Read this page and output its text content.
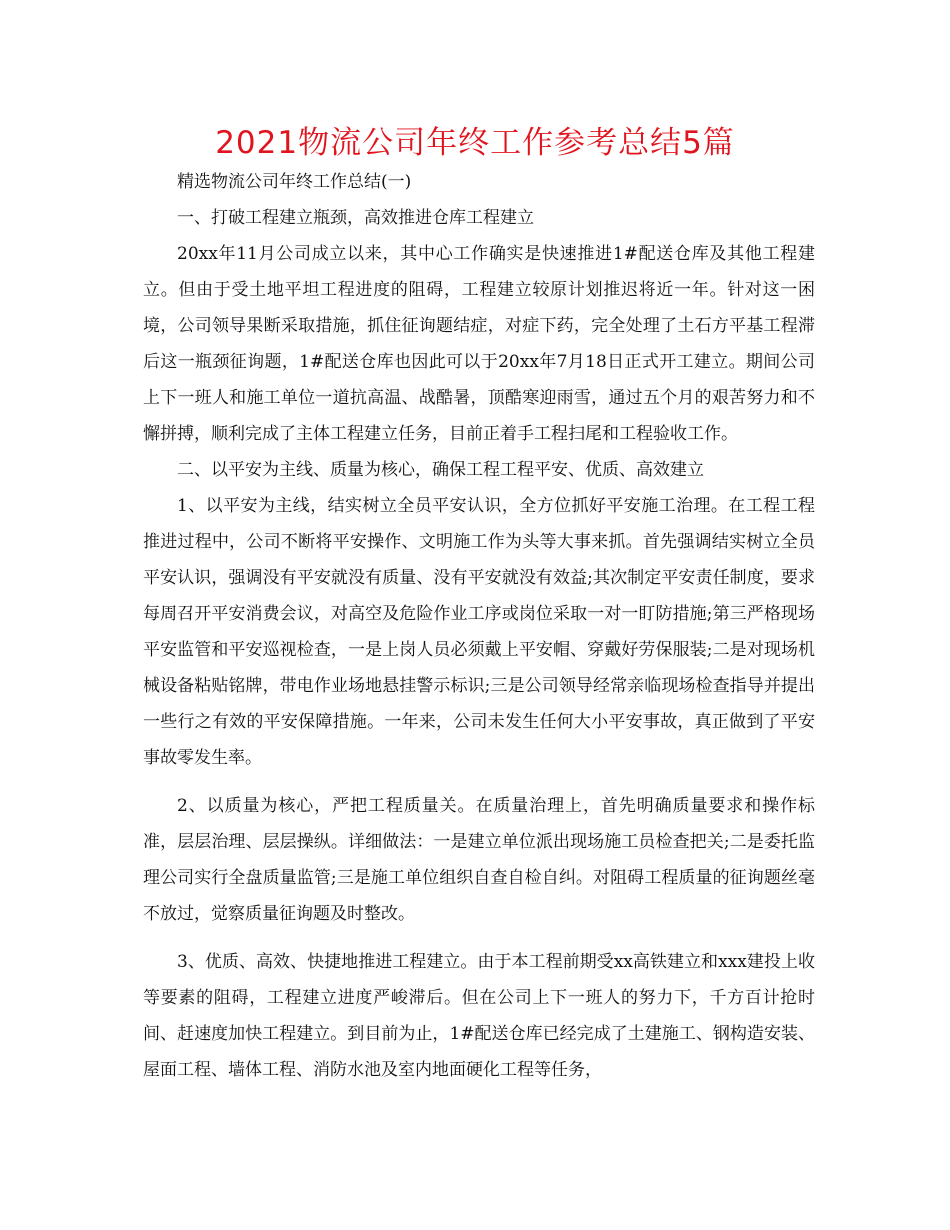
2021物流公司年终工作参考总结5篇

精选物流公司年终工作总结(一)

一、打破工程建立瓶颈，高效推进仓库工程建立

20xx年11月公司成立以来，其中心工作确实是快速推进1#配送仓库及其他工程建立。但由于受土地平坦工程进度的阻碍，工程建立较原计划推迟将近一年。针对这一困境，公司领导果断采取措施，抓住征询题结症，对症下药，完全处理了土石方平基工程滞后这一瓶颈征询题，1#配送仓库也因此可以于20xx年7月18日正式开工建立。期间公司上下一班人和施工单位一道抗高温、战酷暑，顶酷寒迎雨雪，通过五个月的艰苦努力和不懈拼搏，顺利完成了主体工程建立任务，目前正着手工程扫尾和工程验收工作。

二、以平安为主线、质量为核心，确保工程工程平安、优质、高效建立

1、以平安为主线，结实树立全员平安认识，全方位抓好平安施工治理。在工程工程推进过程中，公司不断将平安操作、文明施工作为头等大事来抓。首先强调结实树立全员平安认识，强调没有平安就没有质量、没有平安就没有效益;其次制定平安责任制度，要求每周召开平安消费会议，对高空及危险作业工序或岗位采取一对一盯防措施;第三严格现场平安监管和平安巡视检查，一是上岗人员必须戴上平安帽、穿戴好劳保服装;二是对现场机械设备粘贴铭牌，带电作业场地悬挂警示标识;三是公司领导经常亲临现场检查指导并提出一些行之有效的平安保障措施。一年来，公司未发生任何大小平安事故，真正做到了平安事故零发生率。

2、以质量为核心，严把工程质量关。在质量治理上，首先明确质量要求和操作标准，层层治理、层层操纵。详细做法：一是建立单位派出现场施工员检查把关;二是委托监理公司实行全盘质量监管;三是施工单位组织自查自检自纠。对阻碍工程质量的征询题丝毫不放过，觉察质量征询题及时整改。

3、优质、高效、快捷地推进工程建立。由于本工程前期受xx高铁建立和xxx建投上收等要素的阻碍，工程建立进度严峻滞后。但在公司上下一班人的努力下，千方百计抢时间、赶速度加快工程建立。到目前为止，1#配送仓库已经完成了土建施工、钢构造安装、屋面工程、墙体工程、消防水池及室内地面硬化工程等任务，
